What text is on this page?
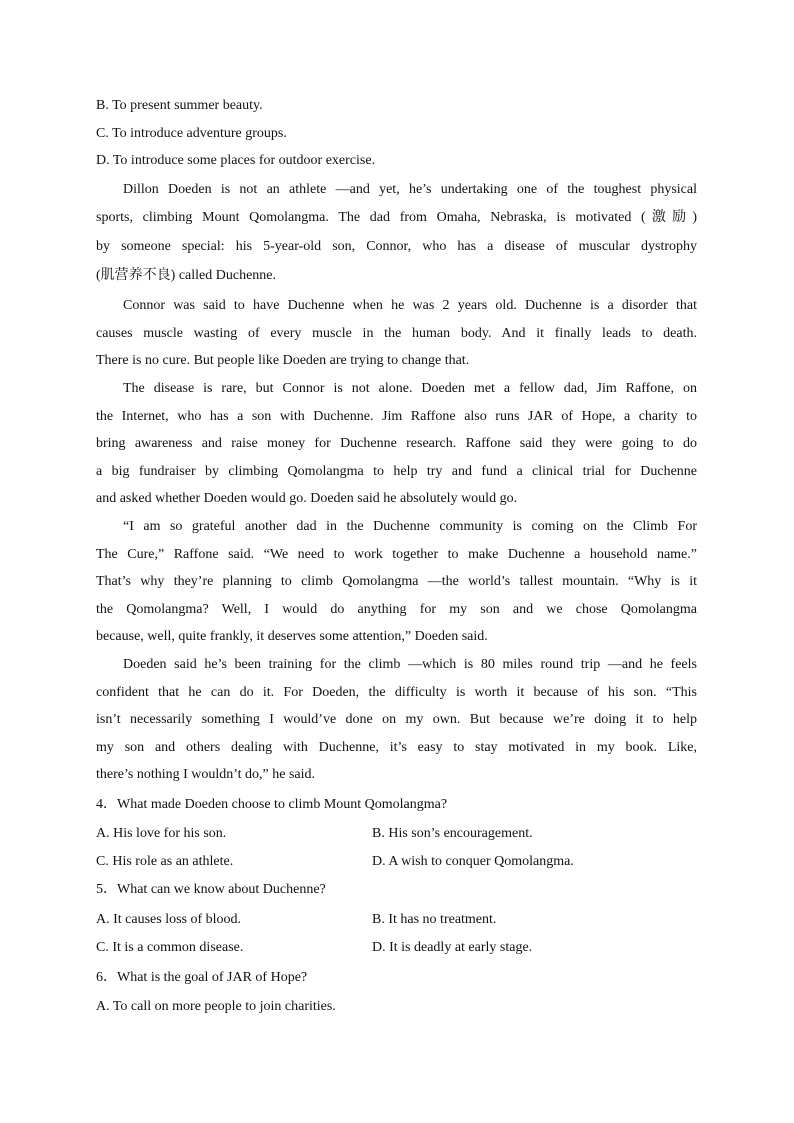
B. To present summer beauty.

C. To introduce adventure groups.

D. To introduce some places for outdoor exercise.

Dillon Doeden is not an athlete —and yet, he’s undertaking one of the toughest physical

sports, climbing Mount Qomolangma. The dad from Omaha, Nebraska, is motivated (激励)

by someone special: his 5-year-old son, Connor, who has a disease of muscular dystrophy

(肌营养不良) called Duchenne.

Connor was said to have Duchenne when he was 2 years old. Duchenne is a disorder that

causes muscle wasting of every muscle in the human body. And it finally leads to death.

There is no cure. But people like Doeden are trying to change that.

The disease is rare, but Connor is not alone. Doeden met a fellow dad, Jim Raffone, on

the Internet, who has a son with Duchenne. Jim Raffone also runs JAR of Hope, a charity to

bring awareness and raise money for Duchenne research. Raffone said they were going to do

a big fundraiser by climbing Qomolangma to help try and fund a clinical trial for Duchenne

and asked whether Doeden would go. Doeden said he absolutely would go.

“I am so grateful another dad in the Duchenne community is coming on the Climb For

The Cure,” Raffone said. “We need to work together to make Duchenne a household name.”

That’s why they’re planning to climb Qomolangma —the world’s tallest mountain. “Why is it

the Qomolangma? Well, I would do anything for my son and we chose Qomolangma

because, well, quite frankly, it deserves some attention,” Doeden said.

Doeden said he’s been training for the climb —which is 80 miles round trip —and he feels

confident that he can do it. For Doeden, the difficulty is worth it because of his son. “This

isn’t necessarily something I would’ve done on my own. But because we’re doing it to help

my son and others dealing with Duchenne, it’s easy to stay motivated in my book. Like,

there’s nothing I wouldn’t do,” he said.

4．What made Doeden choose to climb Mount Qomolangma?

A. His love for his son.	B. His son’s encouragement.

C. His role as an athlete.	D. A wish to conquer Qomolangma.

5．What can we know about Duchenne?

A. It causes loss of blood.	B. It has no treatment.

C. It is a common disease.	D. It is deadly at early stage.

6．What is the goal of JAR of Hope?

A. To call on more people to join charities.
